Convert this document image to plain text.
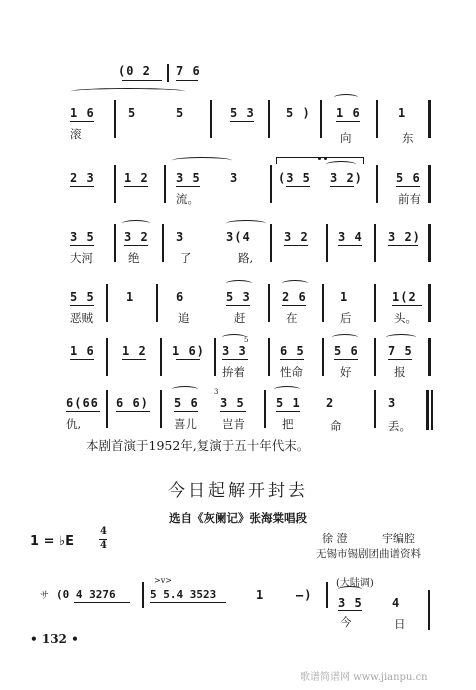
(0 2 7 6
1 6	5	5	5 3	5 ) 1 6	1
滚	向	东
2 3 1 2 3 5 3	(3 5 3 2)	5 6
流。	前有
3 5 3 2 3	3(4	3 2 3 4 3 2)
大河	绝	了	路,
5 5	1	6	5 3	2 6	1	1(2
恶贼	追	赶	在	后	头。
5
1 6 1 2 1 6) 3 3	6 5 5 6 7 5
拚着	性命	好	报
3
6(66 6 6) 5 6 3 5	5 1 2	3
仇,	喜儿 岂肯	把	命	丢。
本剧首演于1952年,复演于五十年代末。
今日起解开封去
选自《灰阑记》张海棠唱段
1 = ♭E
4
4
徐 澄	宇编腔
无锡市锡剧团曲谱资料
サ (0 4 3276
>v>
5 5.4 3523	1	—)
(大陆调)
3 5 4
今	日
• 132 •
歌谱简谱网 www.jianpu.cn
